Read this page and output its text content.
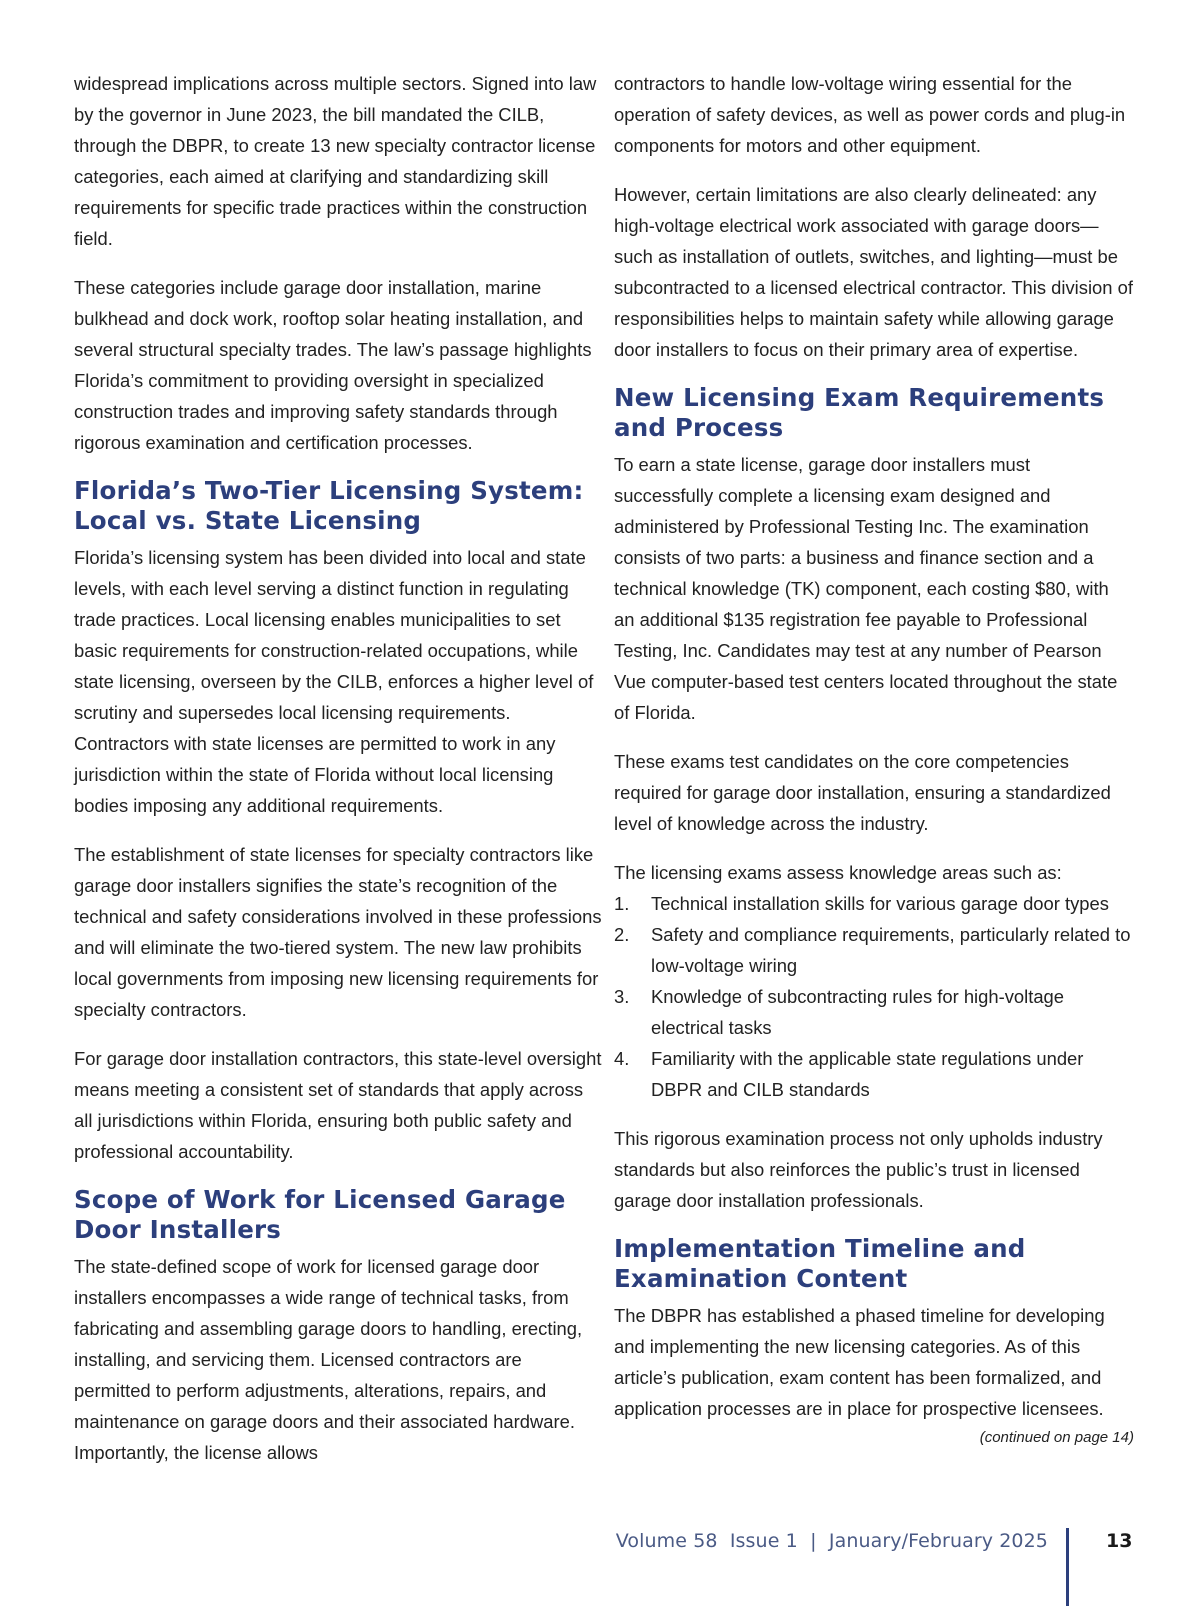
widespread implications across multiple sectors. Signed into law by the governor in June 2023, the bill mandated the CILB, through the DBPR, to create 13 new specialty contractor license categories, each aimed at clarifying and standardizing skill requirements for specific trade practices within the construction field.

These categories include garage door installation, marine bulkhead and dock work, rooftop solar heating installation, and several structural specialty trades. The law’s passage highlights Florida’s commitment to providing oversight in specialized construction trades and improving safety standards through rigorous examination and certification processes.

Florida’s Two-Tier Licensing System: Local vs. State Licensing

Florida’s licensing system has been divided into local and state levels, with each level serving a distinct function in regulating trade practices. Local licensing enables municipalities to set basic requirements for construction-related occupations, while state licensing, overseen by the CILB, enforces a higher level of scrutiny and supersedes local licensing requirements. Contractors with state licenses are permitted to work in any jurisdiction within the state of Florida without local licensing bodies imposing any additional requirements.

The establishment of state licenses for specialty contractors like garage door installers signifies the state’s recognition of the technical and safety considerations involved in these professions and will eliminate the two-tiered system. The new law prohibits local governments from imposing new licensing requirements for specialty contractors.

For garage door installation contractors, this state-level oversight means meeting a consistent set of standards that apply across all jurisdictions within Florida, ensuring both public safety and professional accountability.

Scope of Work for Licensed Garage Door Installers

The state-defined scope of work for licensed garage door installers encompasses a wide range of technical tasks, from fabricating and assembling garage doors to handling, erecting, installing, and servicing them. Licensed contractors are permitted to perform adjustments, alterations, repairs, and maintenance on garage doors and their associated hardware. Importantly, the license allows

contractors to handle low-voltage wiring essential for the operation of safety devices, as well as power cords and plug-in components for motors and other equipment.

However, certain limitations are also clearly delineated: any high-voltage electrical work associated with garage doors—such as installation of outlets, switches, and lighting—must be subcontracted to a licensed electrical contractor. This division of responsibilities helps to maintain safety while allowing garage door installers to focus on their primary area of expertise.

New Licensing Exam Requirements and Process

To earn a state license, garage door installers must successfully complete a licensing exam designed and administered by Professional Testing Inc. The examination consists of two parts: a business and finance section and a technical knowledge (TK) component, each costing $80, with an additional $135 registration fee payable to Professional Testing, Inc. Candidates may test at any number of Pearson Vue computer-based test centers located throughout the state of Florida.

These exams test candidates on the core competencies required for garage door installation, ensuring a standardized level of knowledge across the industry.

The licensing exams assess knowledge areas such as:

1.	Technical installation skills for various garage door types
2.	Safety and compliance requirements, particularly related to low-voltage wiring
3.	Knowledge of subcontracting rules for high-voltage electrical tasks
4.	Familiarity with the applicable state regulations under DBPR and CILB standards

This rigorous examination process not only upholds industry standards but also reinforces the public’s trust in licensed garage door installation professionals.

Implementation Timeline and Examination Content

The DBPR has established a phased timeline for developing and implementing the new licensing categories. As of this article’s publication, exam content has been formalized, and application processes are in place for prospective licensees.

(continued on page 14)
Volume 58  Issue 1  |  January/February 2025	13
